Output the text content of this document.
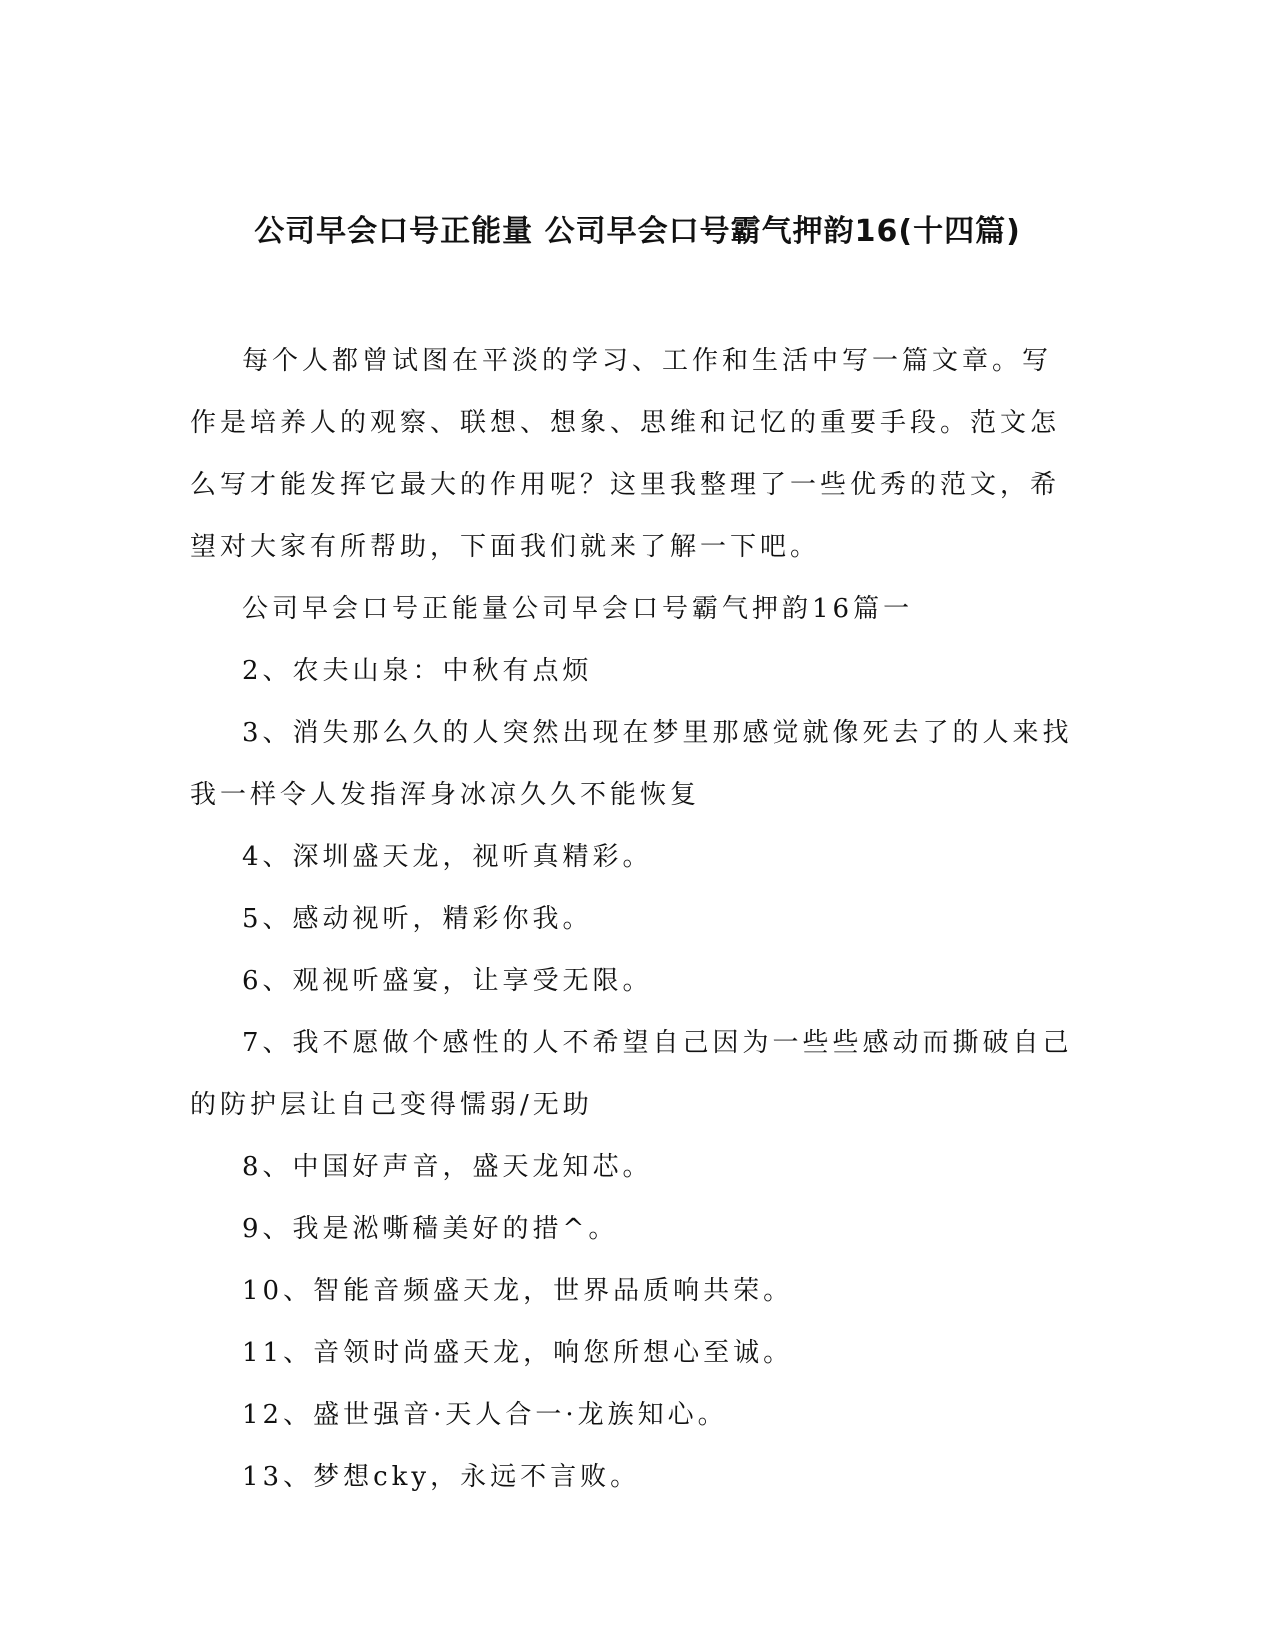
公司早会口号正能量 公司早会口号霸气押韵16(十四篇)

每个人都曾试图在平淡的学习、工作和生活中写一篇文章。写作是培养人的观察、联想、想象、思维和记忆的重要手段。范文怎么写才能发挥它最大的作用呢？这里我整理了一些优秀的范文，希望对大家有所帮助，下面我们就来了解一下吧。

公司早会口号正能量公司早会口号霸气押韵16篇一

2、农夫山泉：中秋有点烦

3、消失那么久的人突然出现在梦里那感觉就像死去了的人来找我一样令人发指浑身冰凉久久不能恢复

4、深圳盛天龙，视听真精彩。

5、感动视听，精彩你我。

6、观视听盛宴，让享受无限。

7、我不愿做个感性的人不希望自己因为一些些感动而撕破自己的防护层让自己变得懦弱/无助

8、中国好声音，盛天龙知芯。

9、我是淞嘶穑美好的措^。

10、智能音频盛天龙，世界品质响共荣。

11、音领时尚盛天龙，响您所想心至诚。

12、盛世强音·天人合一·龙族知心。

13、梦想cky，永远不言败。
